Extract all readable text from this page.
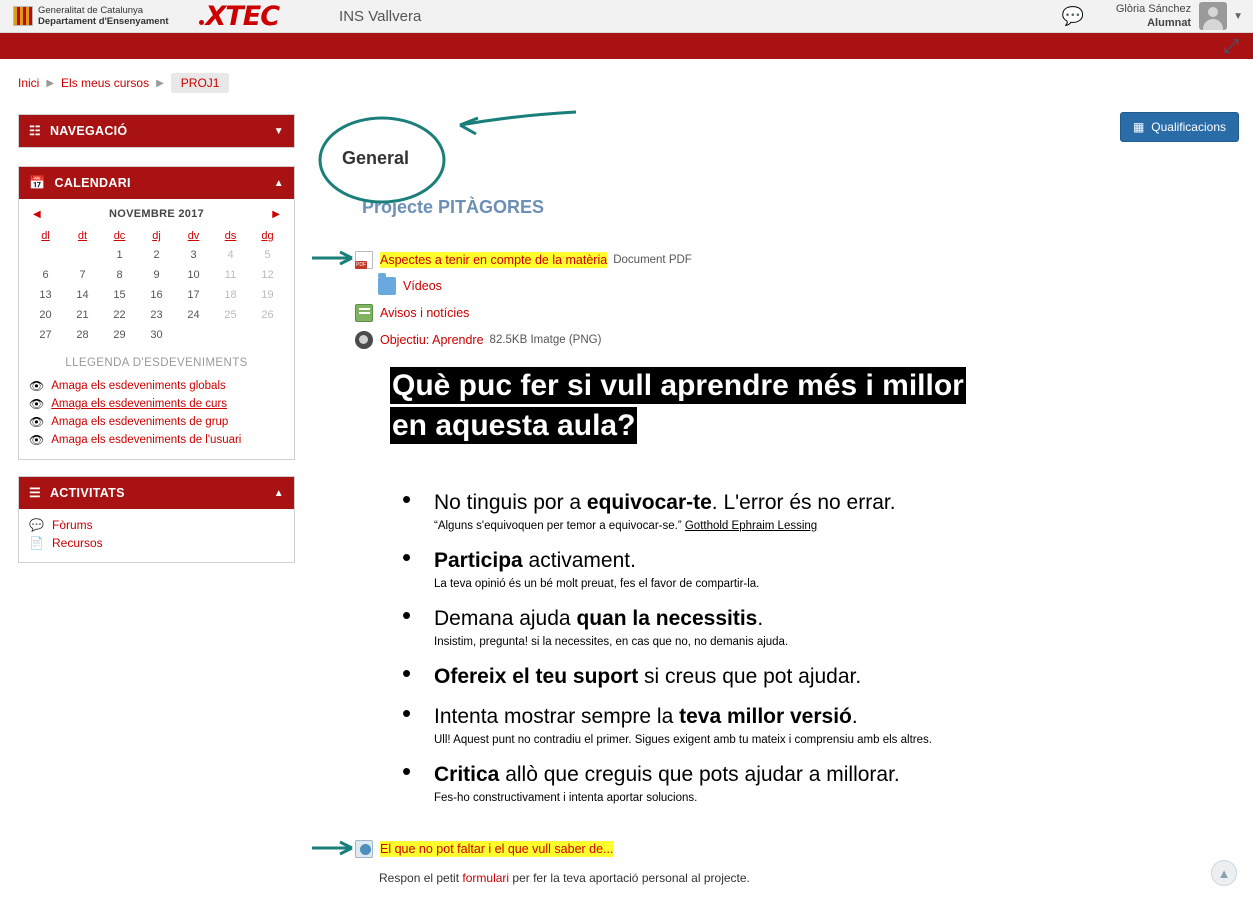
Generalitat de Catalunya
Departament d'Ensenyament XTEC	INS Vallvera	💬	Glòria Sánchez
Alumnat
▼
⤢
Inici ▶ Els meus cursos ▶	PROJ1
☷ NAVEGACIÓ	▼
📅 CALENDARI	▲
◀	NOVEMBRE 2017	▶
dl	dt	dc	dj	dv	ds	dg
		1	2	3	4	5
6	7	8	9	10	11	12
13	14	15	16	17	18	19
20	21	22	23	24	25	26
27	28	29	30			
LLEGENDA D'ESDEVENIMENTS
👁 Amaga els esdeveniments globals
👁 Amaga els esdeveniments de curs
👁 Amaga els esdeveniments de grup
👁 Amaga els esdeveniments de l'usuari
☰ ACTIVITATS	▲
💬 Fòrums
📄 Recursos
▦ Qualificacions
General
Projecte PITÀGORES
PDF
Aspectes a tenir en compte de la matèria Document PDF
Vídeos
Avisos i notícies
Objectiu: Aprendre 82.5KB Imatge (PNG)
Què puc fer si vull aprendre més i millor
en aquesta aula?
• No tinguis por a equivocar-te. L'error és no errar.
“Alguns s'equivoquen per temor a equivocar-se.” Gotthold Ephraim Lessing
• Participa activament.
La teva opinió és un bé molt preuat, fes el favor de compartir-la.
• Demana ajuda quan la necessitis.
Insistim, pregunta! si la necessites, en cas que no, no demanis ajuda.
• Ofereix el teu suport si creus que pot ajudar.
• Intenta mostrar sempre la teva millor versió.
Ull! Aquest punt no contradiu el primer. Sigues exigent amb tu mateix i comprensiu amb els altres.
• Critica allò que creguis que pots ajudar a millorar.
Fes-ho constructivament i intenta aportar solucions.
El que no pot faltar i el que vull saber de...
Respon el petit formulari per fer la teva aportació personal al projecte.	▲
